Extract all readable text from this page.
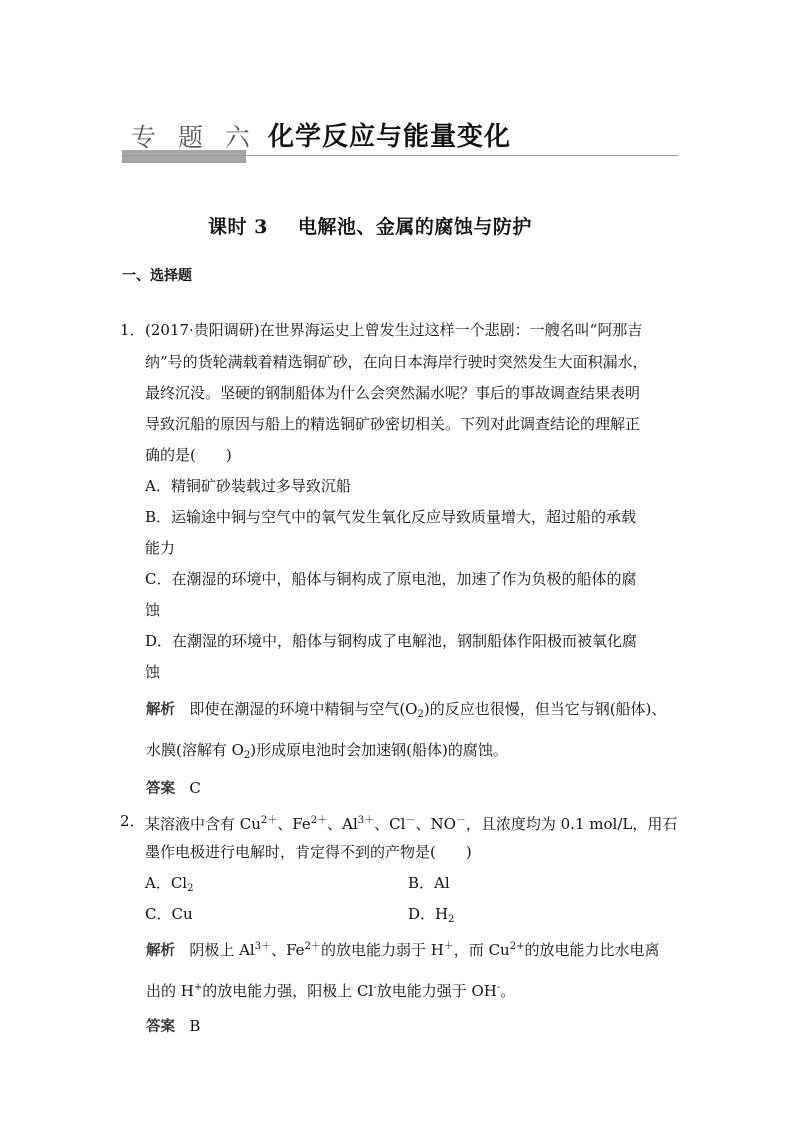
专 题 六 化学反应与能量变化
课时 3 电解池、金属的腐蚀与防护
一、选择题
1． (2017·贵阳调研)在世界海运史上曾发生过这样一个悲剧：一艘名叫“阿那吉
纳”号的货轮满载着精选铜矿砂，在向日本海岸行驶时突然发生大面积漏水，
最终沉没。坚硬的钢制船体为什么会突然漏水呢？事后的事故调查结果表明
导致沉船的原因与船上的精选铜矿砂密切相关。下列对此调查结论的理解正
确的是(　　)
A．精铜矿砂装载过多导致沉船
B．运输途中铜与空气中的氧气发生氧化反应导致质量增大，超过船的承载
能力
C．在潮湿的环境中，船体与铜构成了原电池，加速了作为负极的船体的腐
蚀
D．在潮湿的环境中，船体与铜构成了电解池，钢制船体作阳极而被氧化腐
蚀
解析 即使在潮湿的环境中精铜与空气$(O_2)$的反应也很慢，但当它与钢(船体)、
水膜(溶解有 $O_2$)形成原电池时会加速钢(船体)的腐蚀。
答案 C
2． 某溶液中含有 $Cu^{2+}$、$Fe^{2+}$、$Al^{3+}$、Cl－、NO－，且浓度均为 0.1 mol/L，用石
墨作电极进行电解时，肯定得不到的产物是(　　)
A．$Cl_2$	B．Al
C．Cu	D．$H_2$
解析 阴极上 $Al^{3+}$、$Fe^{2+}$的放电能力弱于 H＋，而 $Cu^{2+}$的放电能力比水电离
出的 H+的放电能力强，阳极上 Cl-放电能力强于 OH-。
答案 B
